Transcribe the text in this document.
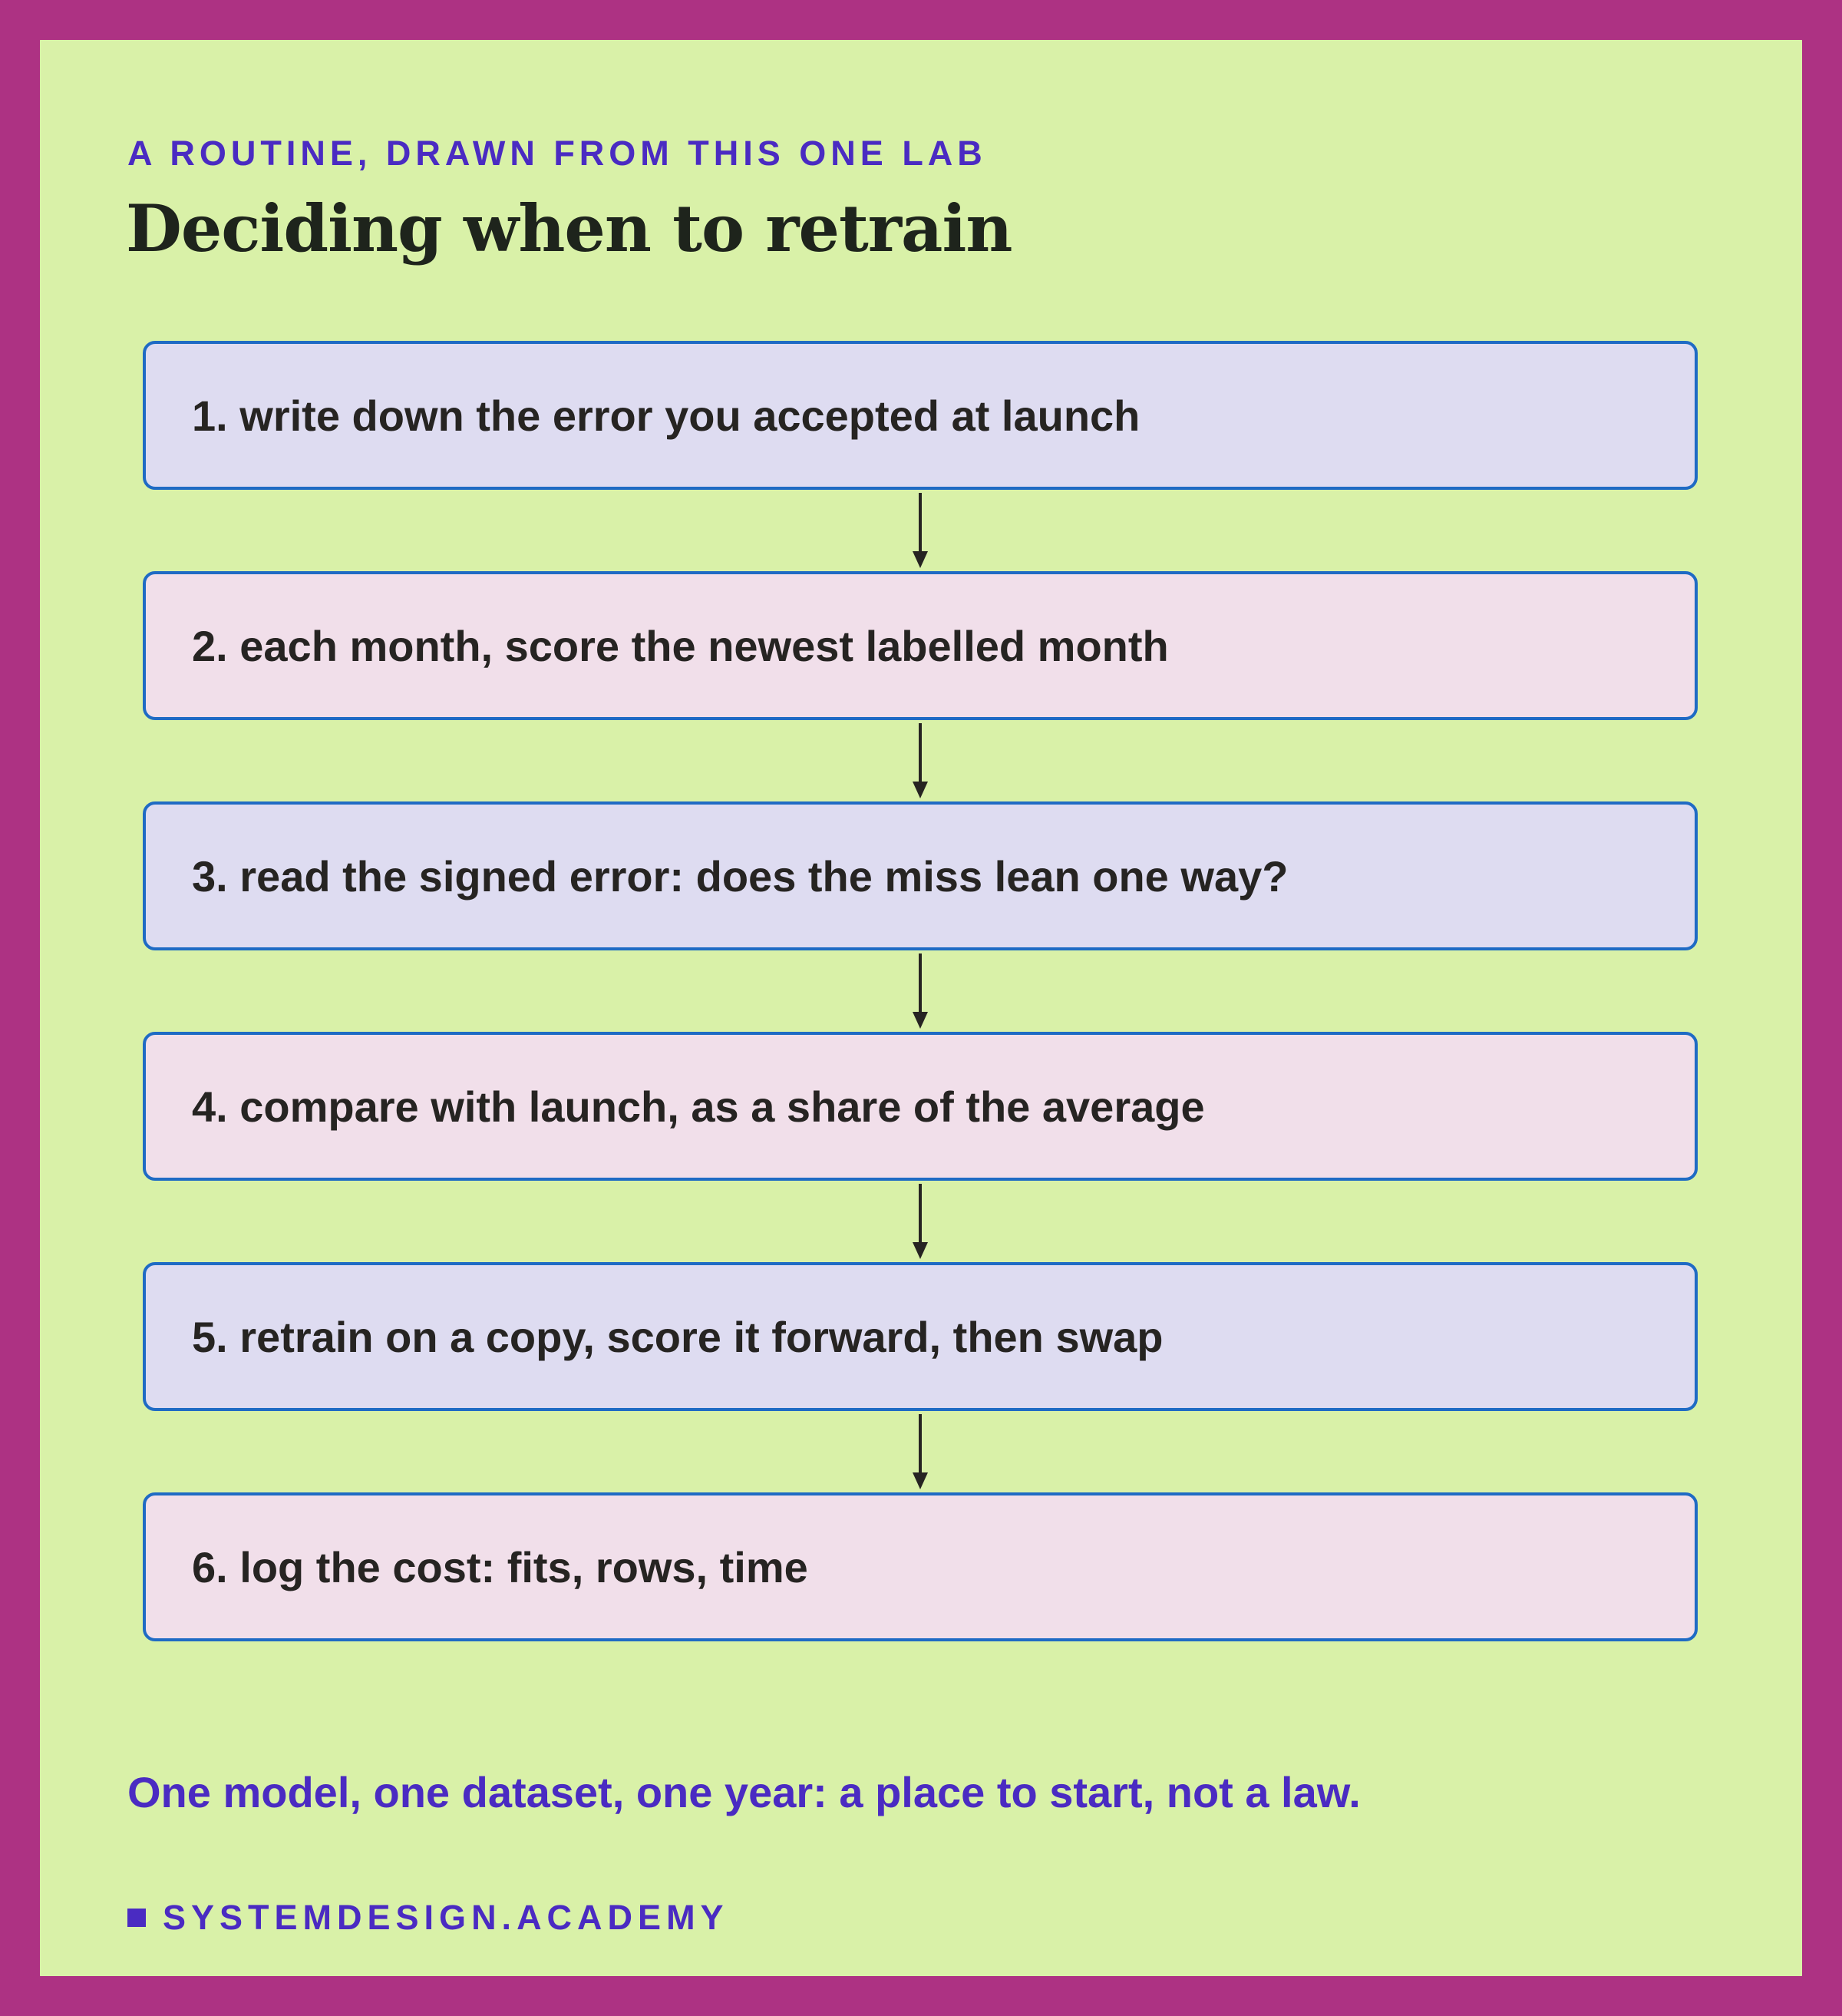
A ROUTINE, DRAWN FROM THIS ONE LAB
Deciding when to retrain
1. write down the error you accepted at launch
2. each month, score the newest labelled month
3. read the signed error: does the miss lean one way?
4. compare with launch, as a share of the average
5. retrain on a copy, score it forward, then swap
6. log the cost: fits, rows, time
One model, one dataset, one year: a place to start, not a law.
SYSTEMDESIGN.ACADEMY
